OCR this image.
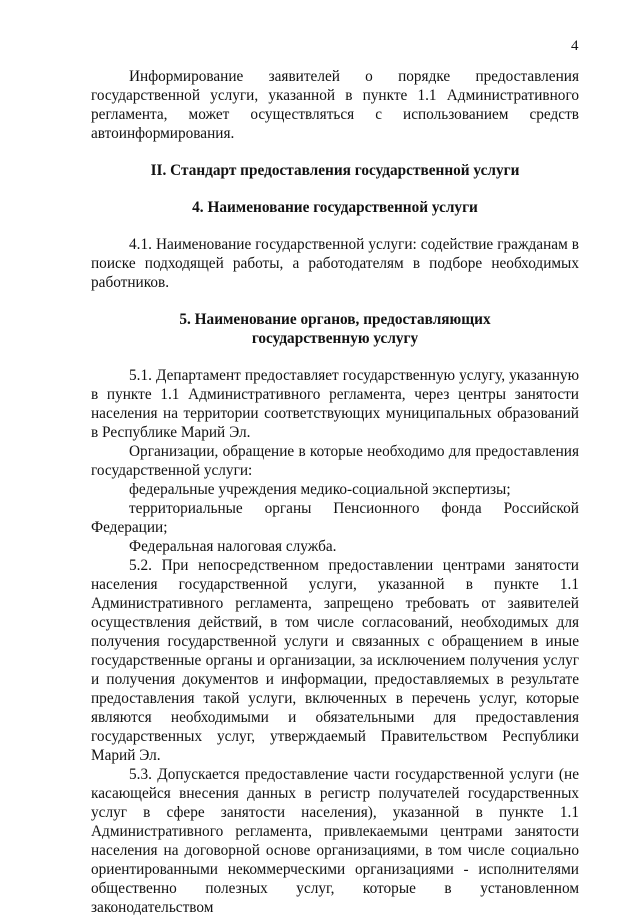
4

Информирование заявителей о порядке предоставления государственной услуги, указанной в пункте 1.1 Административного регламента, может осуществляться с использованием средств автоинформирования.

II. Стандарт предоставления государственной услуги
4. Наименование государственной услуги

4.1. Наименование государственной услуги: содействие гражданам в поиске подходящей работы, а работодателям в подборе необходимых работников.

5. Наименование органов, предоставляющих
государственную услугу

5.1. Департамент предоставляет государственную услугу, указанную в пункте 1.1 Административного регламента, через центры занятости населения на территории соответствующих муниципальных образований в Республике Марий Эл.

Организации, обращение в которые необходимо для предоставления государственной услуги:

федеральные учреждения медико-социальной экспертизы;

территориальные органы Пенсионного фонда Российской Федерации;

Федеральная налоговая служба.

5.2. При непосредственном предоставлении центрами занятости населения государственной услуги, указанной в пункте 1.1 Административного регламента, запрещено требовать от заявителей осуществления действий, в том числе согласований, необходимых для получения государственной услуги и связанных с обращением в иные государственные органы и организации, за исключением получения услуг и получения документов и информации, предоставляемых в результате предоставления такой услуги, включенных в перечень услуг, которые являются необходимыми и обязательными для предоставления государственных услуг, утверждаемый Правительством Республики Марий Эл.

5.3. Допускается предоставление части государственной услуги (не касающейся внесения данных в регистр получателей государственных услуг в сфере занятости населения), указанной в пункте 1.1 Административного регламента, привлекаемыми центрами занятости населения на договорной основе организациями, в том числе социально ориентированными некоммерческими организациями - исполнителями общественно полезных услуг, которые в установленном законодательством
